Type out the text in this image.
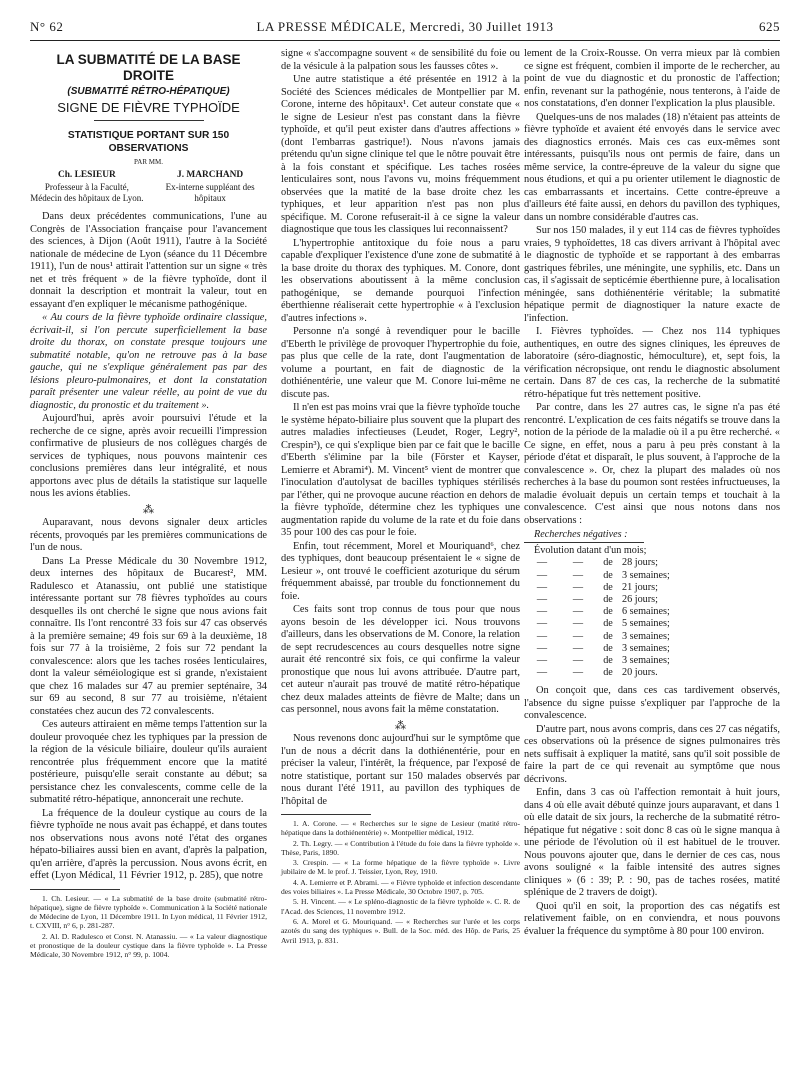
N° 62	LA PRESSE MÉDICALE, Mercredi, 30 Juillet 1913	625

LA SUBMATITÉ DE LA BASE DROITE

(SUBMATITÉ RÉTRO-HÉPATIQUE)

SIGNE DE FIÈVRE TYPHOÏDE

STATISTIQUE PORTANT SUR 150 OBSERVATIONS

PAR MM.

Ch. LESIEUR
Professeur à la Faculté, Médecin des hôpitaux de Lyon.
J. MARCHAND
Ex-interne suppléant des hôpitaux

Dans deux précédentes communications, l'une au Congrès de l'Association française pour l'avancement des sciences, à Dijon (Août 1911), l'autre à la Société nationale de médecine de Lyon (séance du 11 Décembre 1911), l'un de nous¹ attirait l'attention sur un signe « très net et très fréquent » de la fièvre typhoïde, dont il donnait la description et montrait la valeur, tout en essayant d'en expliquer le mécanisme pathogénique.

« Au cours de la fièvre typhoïde ordinaire classique, écrivait-il, si l'on percute superficiellement la base droite du thorax, on constate presque toujours une submatité notable, qu'on ne retrouve pas à la base gauche, qui ne s'explique généralement pas par des lésions pleuro-pulmonaires, et dont la constatation paraît présenter une valeur réelle, au point de vue du diagnostic, du pronostic et du traitement ».

Aujourd'hui, après avoir poursuivi l'étude et la recherche de ce signe, après avoir recueilli l'impression confirmative de plusieurs de nos collègues chargés de services de typhiques, nous pouvons maintenir ces conclusions premières dans leur intégralité, et nous apportons avec plus de détails la statistique sur laquelle nous les avions établies.

⁂

Auparavant, nous devons signaler deux articles récents, provoqués par les premières communications de l'un de nous.

Dans La Presse Médicale du 30 Novembre 1912, deux internes des hôpitaux de Bucarest², MM. Radulesco et Atanassiu, ont publié une statistique intéressante portant sur 78 fièvres typhoïdes au cours desquelles ils ont cherché le signe que nous avions fait connaître. Ils l'ont rencontré 33 fois sur 47 cas observés à la première semaine; 49 fois sur 69 à la deuxième, 18 fois sur 77 à la troisième, 2 fois sur 72 pendant la convalescence: alors que les taches rosées lenticulaires, dont la valeur séméiologique est si grande, n'existaient que chez 16 malades sur 47 au premier septénaire, 34 sur 69 au second, 8 sur 77 au troisième, n'étaient constatées chez aucun des 72 convalescents.

Ces auteurs attiraient en même temps l'attention sur la douleur provoquée chez les typhiques par la pression de la région de la vésicule biliaire, douleur qu'ils auraient rencontrée plus fréquemment encore que la matité postérieure, puisqu'elle serait constante au début; sa persistance chez les convalescents, comme celle de la submatité rétro-hépatique, annoncerait une rechute.

La fréquence de la douleur cystique au cours de la fièvre typhoïde ne nous avait pas échappé, et dans toutes nos observations nous avons noté l'état des organes hépato-biliaires aussi bien en avant, d'après la palpation, qu'en arrière, d'après la percussion. Nous avons écrit, en effet (Lyon Médical, 11 Février 1912, p. 285), que notre

1. Ch. Lesieur. — « La submatité de la base droite (submatité rétro-hépatique), signe de fièvre typhoïde ». Communication à la Société nationale de Médecine de Lyon, 11 Décembre 1911. In Lyon médical, 11 Février 1912, t. CXVIII, n° 6, p. 281-287.

2. Al. D. Radulesco et Const. N. Atanassiu. — « La valeur diagnostique et pronostique de la douleur cystique dans la fièvre typhoïde ». La Presse Médicale, 30 Novembre 1912, n° 99, p. 1004.

signe « s'accompagne souvent « de sensibilité du foie ou de la vésicule à la palpation sous les fausses côtes ».

Une autre statistique a été présentée en 1912 à la Société des Sciences médicales de Montpellier par M. Corone, interne des hôpitaux¹. Cet auteur constate que « le signe de Lesieur n'est pas constant dans la fièvre typhoïde, et qu'il peut exister dans d'autres affections » (dont l'embarras gastrique!). Nous n'avons jamais prétendu qu'un signe clinique tel que le nôtre pouvait être à la fois constant et spécifique. Les taches rosées lenticulaires sont, nous l'avons vu, moins fréquemment observées que la matité de la base droite chez les typhiques, et leur apparition n'est pas non plus spécifique. M. Corone refuserait-il à ce signe la valeur diagnostique que tous les classiques lui reconnaissent?

L'hypertrophie antitoxique du foie nous a paru capable d'expliquer l'existence d'une zone de submatité à la base droite du thorax des typhiques. M. Conore, dont les observations aboutissent à la même conclusion pathogénique, se demande pourquoi l'infection éberthienne réaliserait cette hypertrophie « à l'exclusion d'autres infections ».

Personne n'a songé à revendiquer pour le bacille d'Eberth le privilège de provoquer l'hypertrophie du foie, pas plus que celle de la rate, dont l'augmentation de volume a pourtant, en fait de diagnostic de la dothiénentérie, une valeur que M. Conore lui-même ne discute pas.

Il n'en est pas moins vrai que la fièvre typhoïde touche le système hépato-biliaire plus souvent que la plupart des autres maladies infectieuses (Leudet, Roger, Legry², Crespin³), ce qui s'explique bien par ce fait que le bacille d'Eberth s'élimine par la bile (Förster et Kayser, Lemierre et Abrami⁴). M. Vincent⁵ vient de montrer que l'inoculation d'autolysat de bacilles typhiques stérilisés par l'éther, qui ne provoque aucune réaction en dehors de la fièvre typhoïde, détermine chez les typhiques une augmentation rapide du volume de la rate et du foie dans 35 pour 100 des cas pour le foie.

Enfin, tout récemment, Morel et Mouriquand⁶, chez des typhiques, dont beaucoup présentaient le « signe de Lesieur », ont trouvé le coefficient azoturique du sérum fréquemment abaissé, par trouble du fonctionnement du foie.

Ces faits sont trop connus de tous pour que nous ayons besoin de les développer ici. Nous trouvons d'ailleurs, dans les observations de M. Conore, la relation de sept recrudescences au cours desquelles notre signe aurait été rencontré six fois, ce qui confirme la valeur pronostique que nous lui avons attribuée. D'autre part, cet auteur n'aurait pas trouvé de matité rétro-hépatique chez deux malades atteints de fièvre de Malte; dans un cas personnel, nous avons fait la même constatation.

⁂

Nous revenons donc aujourd'hui sur le symptôme que l'un de nous a décrit dans la dothiénentérie, pour en préciser la valeur, l'intérêt, la fréquence, par l'exposé de notre statistique, portant sur 150 malades observés par nous durant l'été 1911, au pavillon des typhiques de l'hôpital de

1. A. Corone. — « Recherches sur le signe de Lesieur (matité rétro-hépatique dans la dothiénentérie) ». Montpellier médical, 1912.

2. Th. Legry. — « Contribution à l'étude du foie dans la fièvre typhoïde ». Thèse, Paris, 1890.

3. Crespin. — « La forme hépatique de la fièvre typhoïde ». Livre jubilaire de M. le prof. J. Teissier, Lyon, Rey, 1910.

4. A. Lemierre et P. Abrami. — « Fièvre typhoïde et infection descendante des voies biliaires ». La Presse Médicale, 30 Octobre 1907, p. 705.

5. H. Vincent. — « Le spléno-diagnostic de la fièvre typhoïde ». C. R. de l'Acad. des Sciences, 11 novembre 1912.

6. A. Morel et G. Mouriquand. — « Recherches sur l'urée et les corps azotés du sang des typhiques ». Bull. de la Soc. méd. des Hôp. de Paris, 25 Avril 1913, p. 831.

lement de la Croix-Rousse. On verra mieux par là combien ce signe est fréquent, combien il importe de le rechercher, au point de vue du diagnostic et du pronostic de l'affection; enfin, revenant sur la pathogénie, nous tenterons, à l'aide de nos constatations, d'en donner l'explication la plus plausible.

Quelques-uns de nos malades (18) n'étaient pas atteints de fièvre typhoïde et avaient été envoyés dans le service avec des diagnostics erronés. Mais ces cas eux-mêmes sont intéressants, puisqu'ils nous ont permis de faire, dans un même service, la contre-épreuve de la valeur du signe que nous étudions, et qui a pu orienter utilement le diagnostic de cas embarrassants et incertains. Cette contre-épreuve a d'ailleurs été faite aussi, en dehors du pavillon des typhiques, dans un nombre considérable d'autres cas.

Sur nos 150 malades, il y eut 114 cas de fièvres typhoïdes vraies, 9 typhoïdettes, 18 cas divers arrivant à l'hôpital avec le diagnostic de typhoïde et se rapportant à des embarras gastriques fébriles, une méningite, une syphilis, etc. Dans un cas, il s'agissait de septicémie éberthienne pure, à localisation méningée, sans dothiénentérie véritable; la submatité hépatique permit de diagnostiquer la nature exacte de l'infection.

I. Fièvres typhoïdes. — Chez nos 114 typhiques authentiques, en outre des signes cliniques, les épreuves de laboratoire (séro-diagnostic, hémoculture), et, sept fois, la vérification nécropsique, ont rendu le diagnostic absolument certain. Dans 87 de ces cas, la recherche de la submatité rétro-hépatique fut très nettement positive.

Par contre, dans les 27 autres cas, le signe n'a pas été rencontré. L'explication de ces faits négatifs se trouve dans la notion de la période de la maladie où il a pu être recherché. « Ce signe, en effet, nous a paru à peu près constant à la période d'état et disparaît, le plus souvent, à l'approche de la convalescence ». Or, chez la plupart des malades où nos recherches à la base du poumon sont restées infructueuses, la maladie évoluait depuis un certain temps et touchait à la convalescence. C'est ainsi que nous notons dans nos observations :

Recherches négatives :
Évolution datant d'un mois;
—	—	de 28 jours;
—	—	de 3 semaines;
—	—	de 21 jours;
—	—	de 26 jours;
—	—	de 6 semaines;
—	—	de 5 semaines;
—	—	de 3 semaines;
—	—	de 3 semaines;
—	—	de 3 semaines;
—	—	de 20 jours.

On conçoit que, dans ces cas tardivement observés, l'absence du signe puisse s'expliquer par l'approche de la convalescence.

D'autre part, nous avons compris, dans ces 27 cas négatifs, ces observations où la présence de signes pulmonaires très nets suffisait à expliquer la matité, sans qu'il soit possible de faire la part de ce qui revenait au symptôme que nous décrivons.

Enfin, dans 3 cas où l'affection remontait à huit jours, dans 4 où elle avait débuté quinze jours auparavant, et dans 1 où elle datait de six jours, la recherche de la submatité rétro-hépatique fut négative : soit donc 8 cas où le signe manqua à une période de l'évolution où il est habituel de le trouver. Nous pouvons ajouter que, dans le dernier de ces cas, nous avons souligné « la faible intensité des autres signes cliniques » (6 : 39; P. : 90, pas de taches rosées, matité splénique de 2 travers de doigt).

Quoi qu'il en soit, la proportion des cas négatifs est relativement faible, on en conviendra, et nous pouvons évaluer la fréquence du symptôme à 80 pour 100 environ.
